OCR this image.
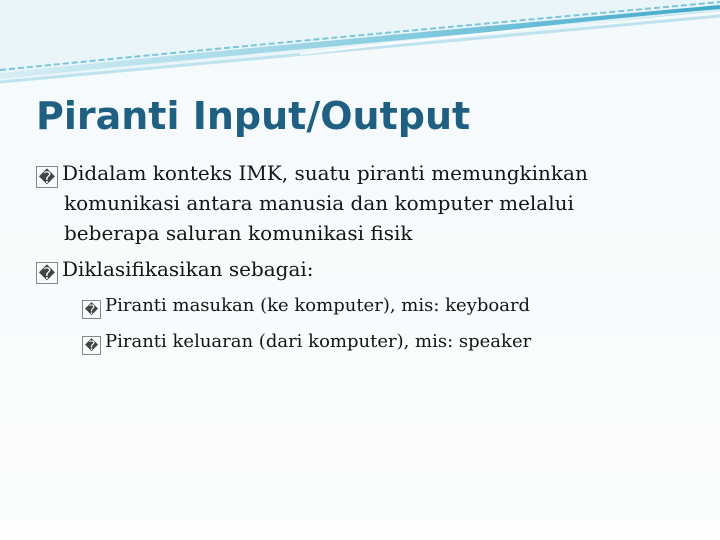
Piranti Input/Output
� Didalam konteks IMK, suatu piranti memungkinkan
komunikasi antara manusia dan komputer melalui
beberapa saluran komunikasi fisik
� Diklasifikasikan sebagai:
� Piranti masukan (ke komputer), mis: keyboard
� Piranti keluaran (dari komputer), mis: speaker
